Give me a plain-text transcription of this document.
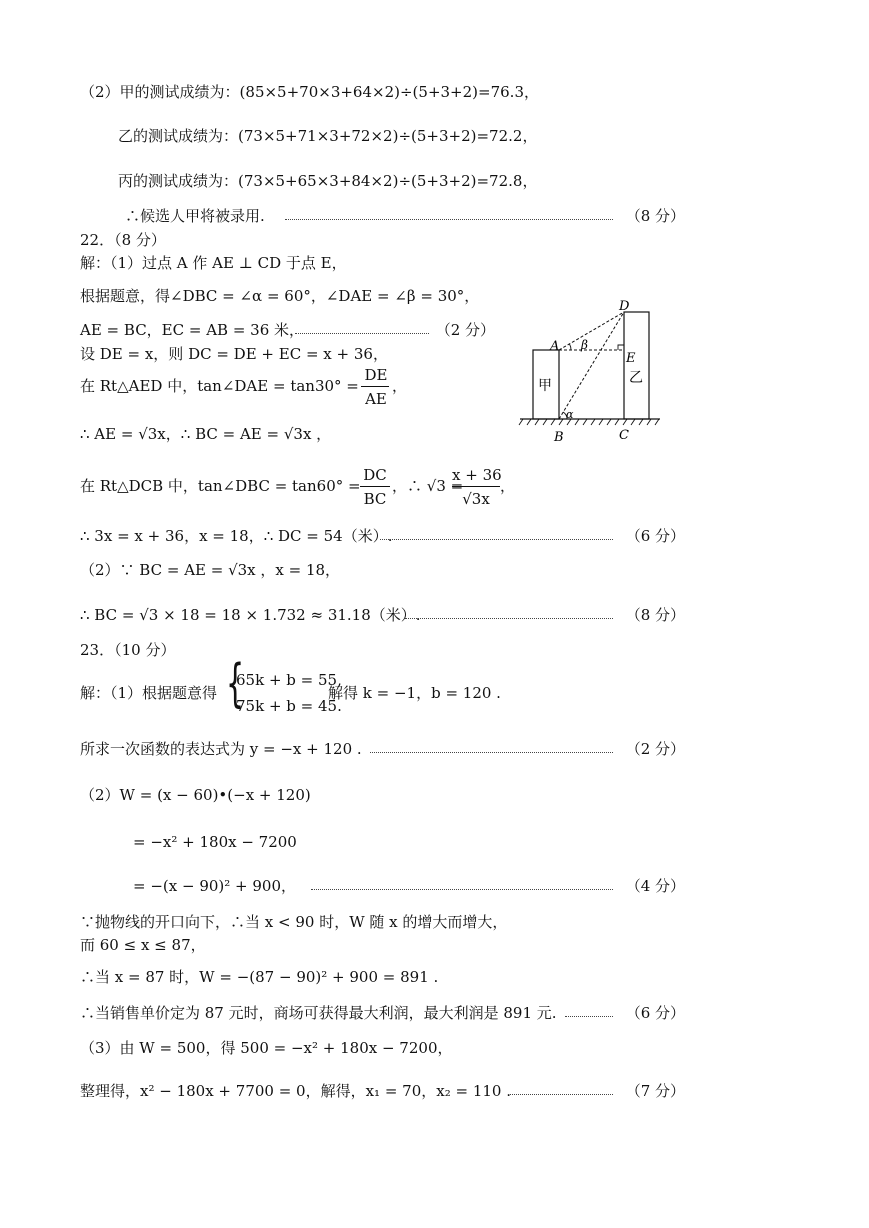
（2）甲的测试成绩为：(85×5+70×3+64×2)÷(5+3+2)=76.3，
乙的测试成绩为：(73×5+71×3+72×2)÷(5+3+2)=72.2，
丙的测试成绩为：(73×5+65×3+84×2)÷(5+3+2)=72.8，
∴候选人甲将被录用.	（8 分）
22．（8 分）
解：（1）过点 A 作 AE ⊥ CD 于点 E，
根据题意，得∠DBC = ∠α = 60°，∠DAE = ∠β = 30°，
AE = BC，EC = AB = 36 米，	（2 分）
设 DE = x，则 DC = DE + EC = x + 36，
在 Rt△AED 中，tan∠DAE = tan30° =
DE
AE
，
∴ AE = √3x，∴ BC = AE = √3x ，
在 Rt△DCB 中，tan∠DBC = tan60° =
DC
BC
，∴ √3 =
x + 36
√3x
，
∴ 3x = x + 36，x = 18，∴ DC = 54（米）.	（6 分）
（2）∵ BC = AE = √3x ，x = 18，
∴ BC = √3 × 18 = 18 × 1.732 ≈ 31.18（米）.	（8 分）
D
A β
E
甲	乙
α
B	C
23．（10 分）
解：（1）根据题意得 {
65k + b = 55,
75k + b = 45.
解得 k = −1，b = 120 .
所求一次函数的表达式为 y = −x + 120 .	（2 分）
（2）W = (x − 60)•(−x + 120)
= −x² + 180x − 7200
= −(x − 90)² + 900，	（4 分）
∵抛物线的开口向下，∴当 x < 90 时，W 随 x 的增大而增大，
而 60 ≤ x ≤ 87，
∴当 x = 87 时，W = −(87 − 90)² + 900 = 891 .
∴当销售单价定为 87 元时，商场可获得最大利润，最大利润是 891 元.	（6 分）
（3）由 W = 500，得 500 = −x² + 180x − 7200，
整理得，x² − 180x + 7700 = 0，解得，x₁ = 70，x₂ = 110 .	（7 分）
